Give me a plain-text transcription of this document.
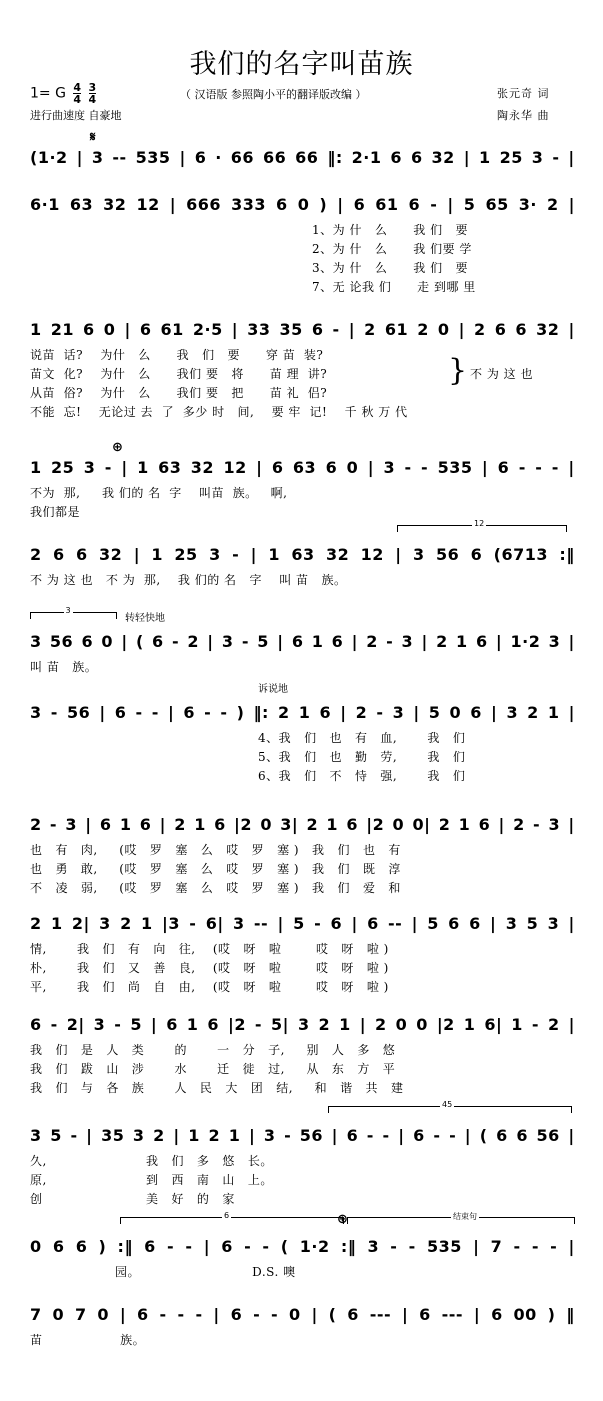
我们的名字叫苗族
1= G $\frac{4}{4}$
$\frac{3}{4}$
进行曲速度 自豪地
（ 汉语版 参照陶小平的翻译版改编 ）	张元奇 词
陶永华 曲
𝄋
⊕
⊕
(1·2 | 3 -- 535 | 6 · 66 66 66 ‖: 2·1 6 6 32 | 1 25 3 - |
6·1 63 32 12 | 666 333 6 0 ) | 6 61 6 - | 5 65 3· 2 |
1、为 什   么      我 们   要
2、为 什   么      我 们要 学
3、为 什   么      我 们   要
7、无 论我 们      走 到哪 里
1 21 6 0 | 6 61 2·5 | 33 35 6 - | 2 61 2 0 | 2 6 6 32 |
说苗  话?    为什   么      我   们   要      穿 苗  装?
苗文  化?    为什   么      我们 要   将      苗 理  讲?
从苗  俗?    为什   么      我们 要   把      苗 礼  侣?
不能  忘!    无论过 去  了  多少 时   间,    要 牢  记!    千 秋 万 代
} 不 为 这 也
1 25 3 - | 1 63 32 12 | 6 63 6 0 | 3 - - 535 | 6 - - - |
不为  那,     我 们的 名  字    叫苗  族。   啊,
我们都是
2 6 6 32 | 1 25 3 - | 1 63 32 12 | 3 56 6 (6713 :‖
不 为 这 也   不 为  那,    我 们的 名   字    叫 苗   族。
12
3 56 6 0 | ( 6 - 2 | 3 - 5 | 6 1 6 | 2 - 3 | 2 1 6 | 1·2 3 |
叫 苗   族。
转轻快地
3
3 - 56 | 6 - - | 6 - - ) ‖: 2 1 6 | 2 - 3 | 5 0 6 | 3 2 1 |
4、我   们   也   有   血,       我   们
5、我   们   也   勤   劳,       我   们
6、我   们   不   恃   强,       我   们
诉说地
2 - 3 | 6 1 6 | 2 1 6 |2 0 3| 2 1 6 |2 0 0| 2 1 6 | 2 - 3 |
也   有   肉,     (哎   罗   塞   么   哎   罗   塞 )   我   们   也   有
也   勇   敢,     (哎   罗   塞   么   哎   罗   塞 )   我   们   既   淳
不   凌   弱,     (哎   罗   塞   么   哎   罗   塞 )   我   们   爱   和
2 1 2| 3 2 1 |3 - 6| 3 -- | 5 - 6 | 6 -- | 5 6 6 | 3 5 3 |
情,       我   们   有   向   往,    (哎   呀   啦        哎   呀   啦 )
朴,       我   们   又   善   良,    (哎   呀   啦        哎   呀   啦 )
平,       我   们   尚   自   由,    (哎   呀   啦        哎   呀   啦 )
6 - 2| 3 - 5 | 6 1 6 |2 - 5| 3 2 1 | 2 0 0 |2 1 6| 1 - 2 |
我   们   是   人   类       的       一   分   子,     别   人   多   悠
我   们   跋   山   涉       水       迁   徙   过,     从   东   方   平
我   们   与   各   族       人   民   大   团   结,     和   谐   共   建
3 5 - | 35 3 2 | 1 2 1 | 3 - 56 | 6 - - | 6 - - | ( 6 6 56 |
久,                       我   们   多   悠   长。
原,                       到   西   南   山   上。
创                        美   好   的   家
45
0 6 6 ) :‖ 6 - - | 6 - - ( 1·2 :‖ 3 - - 535 | 7 - - - |
园。                          D.S. 噢
6	结束句
7 0 7 0 | 6 - - - | 6 - - 0 | ( 6 --- | 6 --- | 6 00 ) ‖
苗                  族。
